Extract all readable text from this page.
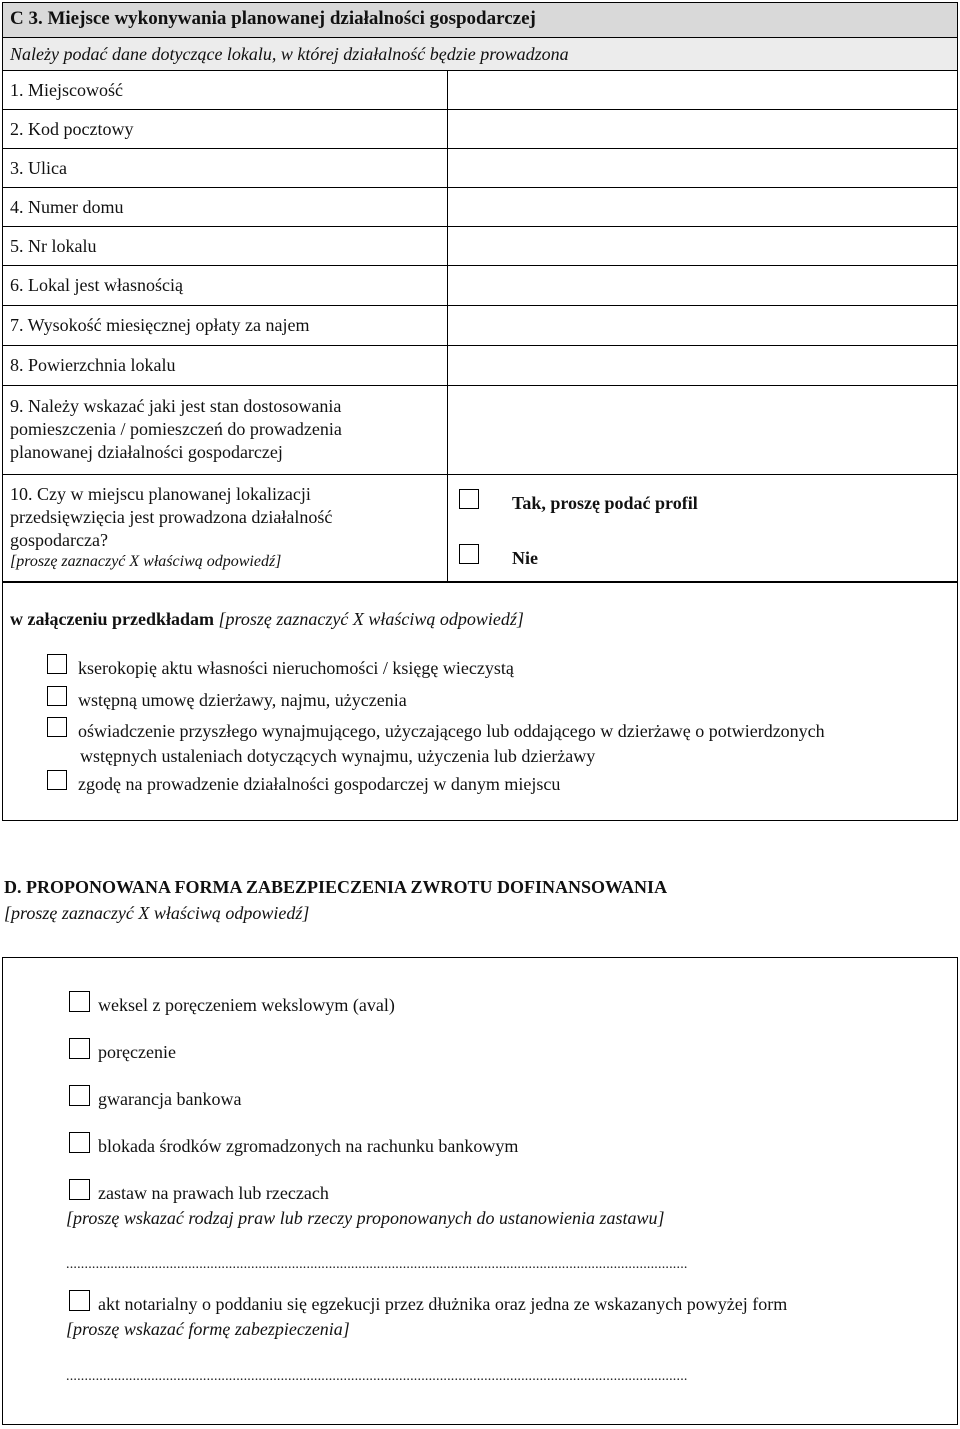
C 3. Miejsce wykonywania planowanej działalności gospodarczej
Należy podać dane dotyczące lokalu, w której działalność będzie prowadzona
1. Miejscowość
2. Kod pocztowy
3. Ulica
4. Numer domu
5. Nr lokalu
6. Lokal jest własnością
7. Wysokość miesięcznej opłaty za najem
8. Powierzchnia lokalu
9. Należy wskazać jaki jest stan dostosowania
pomieszczenia / pomieszczeń do prowadzenia
planowanej działalności gospodarczej
10. Czy w miejscu planowanej lokalizacji
przedsięwzięcia jest prowadzona działalność
gospodarcza?
[proszę zaznaczyć X właściwą odpowiedź]
Tak, proszę podać profil
Nie
w załączeniu przedkładam [proszę zaznaczyć X właściwą odpowiedź]
kserokopię aktu własności nieruchomości / księgę wieczystą
wstępną umowę dzierżawy, najmu, użyczenia
oświadczenie przyszłego wynajmującego, użyczającego lub oddającego w dzierżawę o potwierdzonych
wstępnych ustaleniach dotyczących wynajmu, użyczenia lub dzierżawy
zgodę na prowadzenie działalności gospodarczej w danym miejscu
D. PROPONOWANA FORMA ZABEZPIECZENIA ZWROTU DOFINANSOWANIA
[proszę zaznaczyć X właściwą odpowiedź]
weksel z poręczeniem wekslowym (aval)
poręczenie
gwarancja bankowa
blokada środków zgromadzonych na rachunku bankowym
zastaw na prawach lub rzeczach
[proszę wskazać rodzaj praw lub rzeczy proponowanych do ustanowienia zastawu]
........................................................................................................................................................................
akt notarialny o poddaniu się egzekucji przez dłużnika oraz jedna ze wskazanych powyżej form
[proszę wskazać formę zabezpieczenia]
........................................................................................................................................................................
